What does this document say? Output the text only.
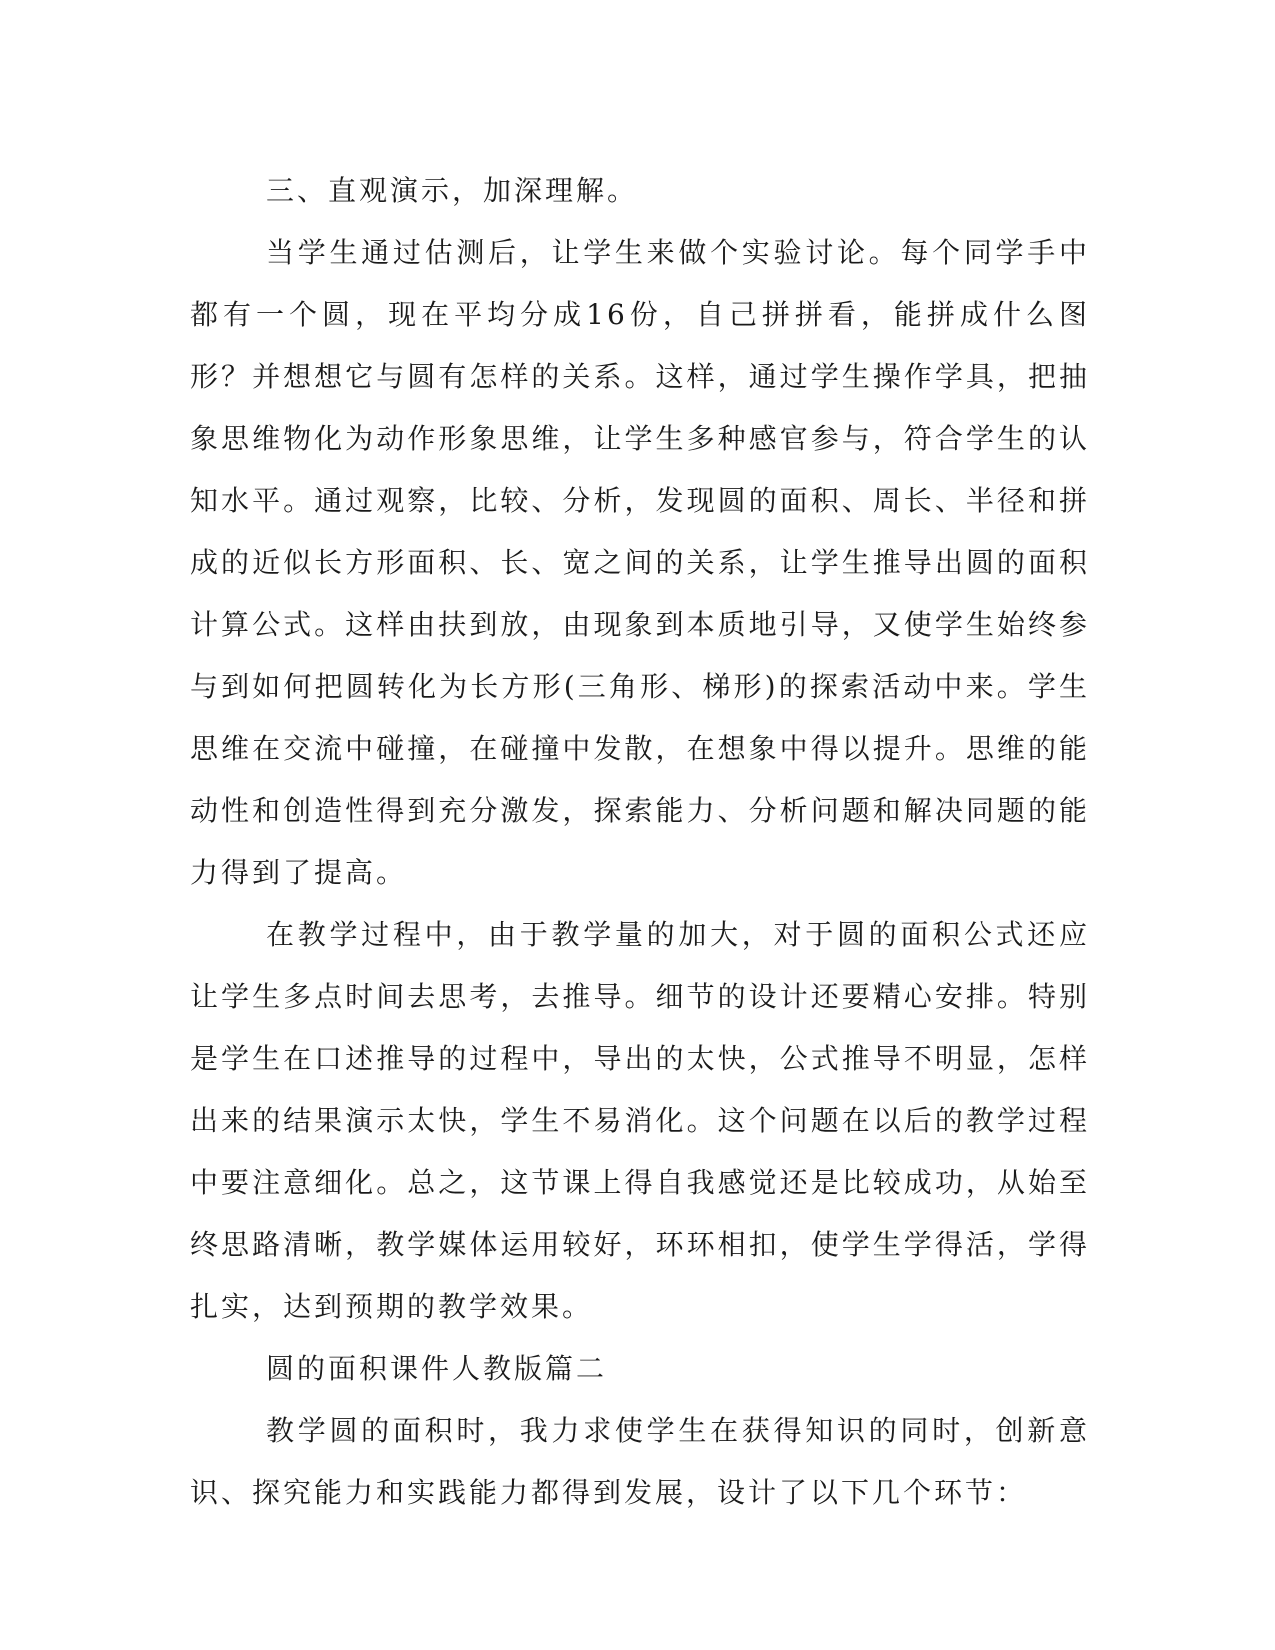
三、直观演示，加深理解。

当学生通过估测后，让学生来做个实验讨论。每个同学手中都有一个圆，现在平均分成16份，自己拼拼看，能拼成什么图形？并想想它与圆有怎样的关系。这样，通过学生操作学具，把抽象思维物化为动作形象思维，让学生多种感官参与，符合学生的认知水平。通过观察，比较、分析，发现圆的面积、周长、半径和拼成的近似长方形面积、长、宽之间的关系，让学生推导出圆的面积计算公式。这样由扶到放，由现象到本质地引导，又使学生始终参与到如何把圆转化为长方形(三角形、梯形)的探索活动中来。学生思维在交流中碰撞，在碰撞中发散，在想象中得以提升。思维的能动性和创造性得到充分激发，探索能力、分析问题和解决同题的能力得到了提高。

在教学过程中，由于教学量的加大，对于圆的面积公式还应让学生多点时间去思考，去推导。细节的设计还要精心安排。特别是学生在口述推导的过程中，导出的太快，公式推导不明显，怎样出来的结果演示太快，学生不易消化。这个问题在以后的教学过程中要注意细化。总之，这节课上得自我感觉还是比较成功，从始至终思路清晰，教学媒体运用较好，环环相扣，使学生学得活，学得扎实，达到预期的教学效果。

圆的面积课件人教版篇二

教学圆的面积时，我力求使学生在获得知识的同时，创新意识、探究能力和实践能力都得到发展，设计了以下几个环节：
